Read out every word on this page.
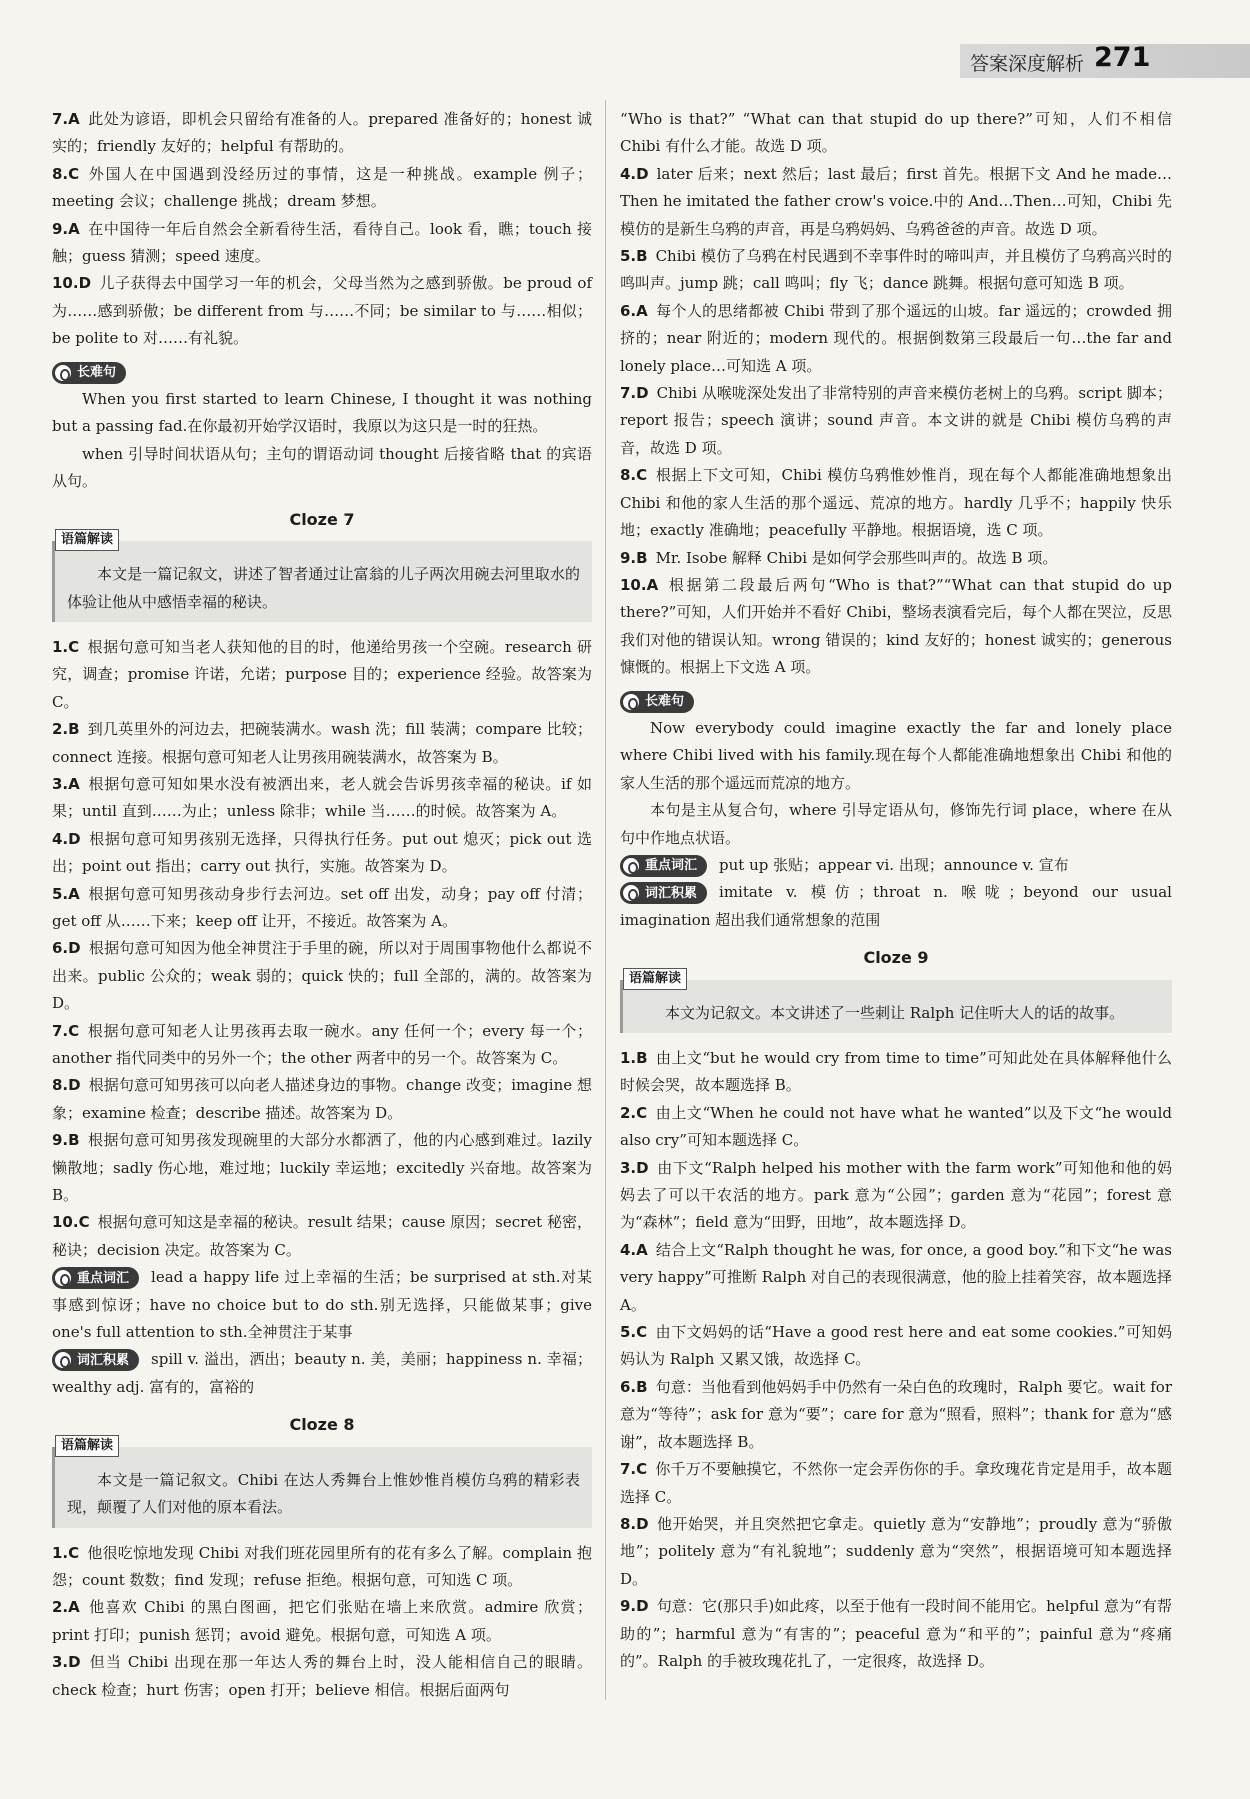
答案深度解析 271

7.A 此处为谚语，即机会只留给有准备的人。prepared 准备好的；honest 诚实的；friendly 友好的；helpful 有帮助的。

8.C 外国人在中国遇到没经历过的事情，这是一种挑战。example 例子；meeting 会议；challenge 挑战；dream 梦想。

9.A 在中国待一年后自然会全新看待生活，看待自己。look 看，瞧；touch 接触；guess 猜测；speed 速度。

10.D 儿子获得去中国学习一年的机会，父母当然为之感到骄傲。be proud of 为……感到骄傲；be different from 与……不同；be similar to 与……相似；be polite to 对……有礼貌。

长难句

When you first started to learn Chinese, I thought it was nothing but a passing fad.在你最初开始学汉语时，我原以为这只是一时的狂热。

when 引导时间状语从句；主句的谓语动词 thought 后接省略 that 的宾语从句。

Cloze 7
语篇解读

本文是一篇记叙文，讲述了智者通过让富翁的儿子两次用碗去河里取水的体验让他从中感悟幸福的秘诀。

1.C 根据句意可知当老人获知他的目的时，他递给男孩一个空碗。research 研究，调查；promise 许诺，允诺；purpose 目的；experience 经验。故答案为 C。

2.B 到几英里外的河边去，把碗装满水。wash 洗；fill 装满；compare 比较；connect 连接。根据句意可知老人让男孩用碗装满水，故答案为 B。

3.A 根据句意可知如果水没有被洒出来，老人就会告诉男孩幸福的秘诀。if 如果；until 直到……为止；unless 除非；while 当……的时候。故答案为 A。

4.D 根据句意可知男孩别无选择，只得执行任务。put out 熄灭；pick out 选出；point out 指出；carry out 执行，实施。故答案为 D。

5.A 根据句意可知男孩动身步行去河边。set off 出发，动身；pay off 付清；get off 从……下来；keep off 让开，不接近。故答案为 A。

6.D 根据句意可知因为他全神贯注于手里的碗，所以对于周围事物他什么都说不出来。public 公众的；weak 弱的；quick 快的；full 全部的，满的。故答案为 D。

7.C 根据句意可知老人让男孩再去取一碗水。any 任何一个；every 每一个；another 指代同类中的另外一个；the other 两者中的另一个。故答案为 C。

8.D 根据句意可知男孩可以向老人描述身边的事物。change 改变；imagine 想象；examine 检查；describe 描述。故答案为 D。

9.B 根据句意可知男孩发现碗里的大部分水都洒了，他的内心感到难过。lazily 懒散地；sadly 伤心地，难过地；luckily 幸运地；excitedly 兴奋地。故答案为 B。

10.C 根据句意可知这是幸福的秘诀。result 结果；cause 原因；secret 秘密，秘诀；decision 决定。故答案为 C。

重点词汇 lead a happy life 过上幸福的生活；be surprised at sth.对某事感到惊讶；have no choice but to do sth.别无选择，只能做某事；give one's full attention to sth.全神贯注于某事

词汇积累 spill v. 溢出，洒出；beauty n. 美，美丽；happiness n. 幸福；wealthy adj. 富有的，富裕的

Cloze 8
语篇解读

本文是一篇记叙文。Chibi 在达人秀舞台上惟妙惟肖模仿乌鸦的精彩表现，颠覆了人们对他的原本看法。

1.C 他很吃惊地发现 Chibi 对我们班花园里所有的花有多么了解。complain 抱怨；count 数数；find 发现；refuse 拒绝。根据句意，可知选 C 项。

2.A 他喜欢 Chibi 的黑白图画，把它们张贴在墙上来欣赏。admire 欣赏；print 打印；punish 惩罚；avoid 避免。根据句意，可知选 A 项。

3.D 但当 Chibi 出现在那一年达人秀的舞台上时，没人能相信自己的眼睛。check 检查；hurt 伤害；open 打开；believe 相信。根据后面两句

“Who is that?” “What can that stupid do up there?”可知，人们不相信 Chibi 有什么才能。故选 D 项。

4.D later 后来；next 然后；last 最后；first 首先。根据下文 And he made… Then he imitated the father crow's voice.中的 And…Then…可知，Chibi 先模仿的是新生乌鸦的声音，再是乌鸦妈妈、乌鸦爸爸的声音。故选 D 项。

5.B Chibi 模仿了乌鸦在村民遇到不幸事件时的啼叫声，并且模仿了乌鸦高兴时的鸣叫声。jump 跳；call 鸣叫；fly 飞；dance 跳舞。根据句意可知选 B 项。

6.A 每个人的思绪都被 Chibi 带到了那个遥远的山坡。far 遥远的；crowded 拥挤的；near 附近的；modern 现代的。根据倒数第三段最后一句…the far and lonely place…可知选 A 项。

7.D Chibi 从喉咙深处发出了非常特别的声音来模仿老树上的乌鸦。script 脚本；report 报告；speech 演讲；sound 声音。本文讲的就是 Chibi 模仿乌鸦的声音，故选 D 项。

8.C 根据上下文可知，Chibi 模仿乌鸦惟妙惟肖，现在每个人都能准确地想象出 Chibi 和他的家人生活的那个遥远、荒凉的地方。hardly 几乎不；happily 快乐地；exactly 准确地；peacefully 平静地。根据语境，选 C 项。

9.B Mr. Isobe 解释 Chibi 是如何学会那些叫声的。故选 B 项。

10.A 根据第二段最后两句“Who is that?”“What can that stupid do up there?”可知，人们开始并不看好 Chibi，整场表演看完后，每个人都在哭泣，反思我们对他的错误认知。wrong 错误的；kind 友好的；honest 诚实的；generous 慷慨的。根据上下文选 A 项。

长难句

Now everybody could imagine exactly the far and lonely place where Chibi lived with his family.现在每个人都能准确地想象出 Chibi 和他的家人生活的那个遥远而荒凉的地方。

本句是主从复合句，where 引导定语从句，修饰先行词 place，where 在从句中作地点状语。

重点词汇 put up 张贴；appear vi. 出现；announce v. 宣布

词汇积累 imitate v. 模仿；throat n. 喉咙；beyond our usual imagination 超出我们通常想象的范围

Cloze 9
语篇解读

本文为记叙文。本文讲述了一些刺让 Ralph 记住听大人的话的故事。

1.B 由上文“but he would cry from time to time”可知此处在具体解释他什么时候会哭，故本题选择 B。

2.C 由上文“When he could not have what he wanted”以及下文“he would also cry”可知本题选择 C。

3.D 由下文“Ralph helped his mother with the farm work”可知他和他的妈妈去了可以干农活的地方。park 意为“公园”；garden 意为“花园”；forest 意为“森林”；field 意为“田野，田地”，故本题选择 D。

4.A 结合上文“Ralph thought he was, for once, a good boy.”和下文“he was very happy”可推断 Ralph 对自己的表现很满意，他的脸上挂着笑容，故本题选择 A。

5.C 由下文妈妈的话“Have a good rest here and eat some cookies.”可知妈妈认为 Ralph 又累又饿，故选择 C。

6.B 句意：当他看到他妈妈手中仍然有一朵白色的玫瑰时，Ralph 要它。wait for 意为“等待”；ask for 意为“要”；care for 意为“照看，照料”；thank for 意为“感谢”，故本题选择 B。

7.C 你千万不要触摸它，不然你一定会弄伤你的手。拿玫瑰花肯定是用手，故本题选择 C。

8.D 他开始哭，并且突然把它拿走。quietly 意为“安静地”；proudly 意为“骄傲地”；politely 意为“有礼貌地”；suddenly 意为“突然”，根据语境可知本题选择 D。

9.D 句意：它(那只手)如此疼，以至于他有一段时间不能用它。helpful 意为“有帮助的”；harmful 意为“有害的”；peaceful 意为“和平的”；painful 意为“疼痛的”。Ralph 的手被玫瑰花扎了，一定很疼，故选择 D。
